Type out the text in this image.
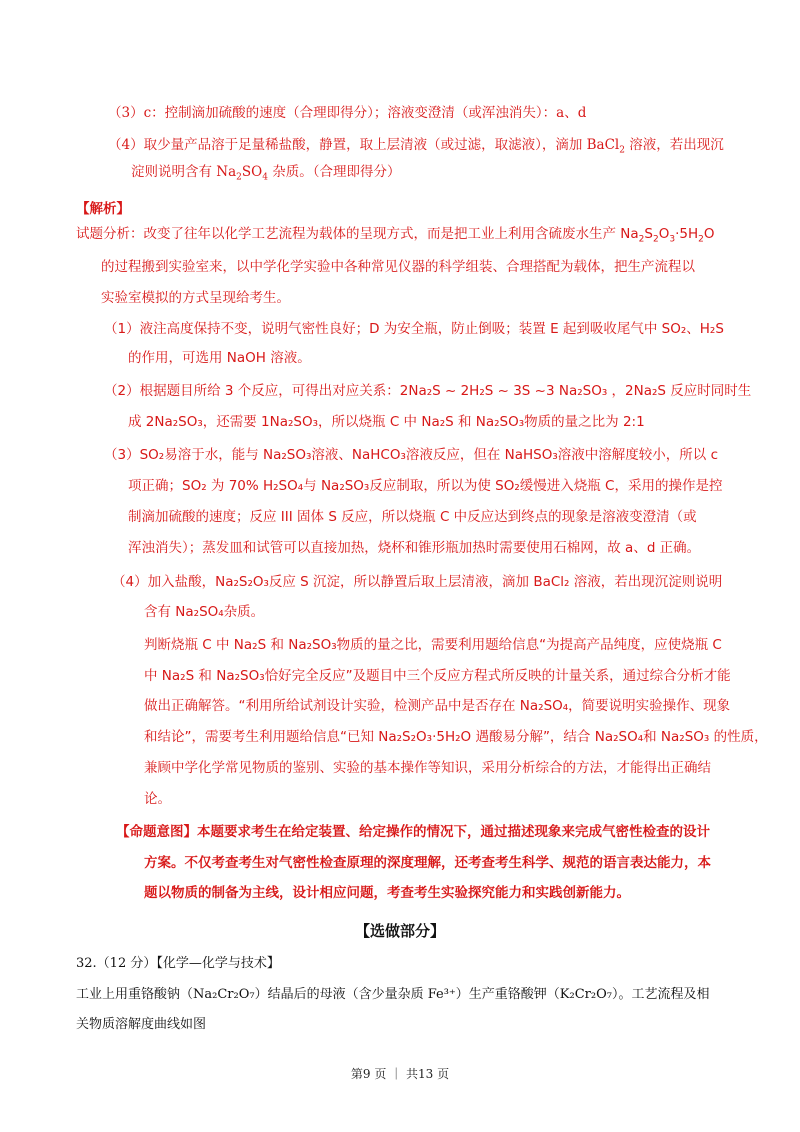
​
（3）c：控制滴加硫酸的速度（合理即得分）；溶液变澄清（或浑浊消失）：a、d
（4）取少量产品溶于足量稀盐酸，静置，取上层清液（或过滤，取滤液），滴加 BaCl$_2$ 溶液，若出现沉
淀则说明含有 $Na_2SO_4$ 杂质。（合理即得分）
【解析】
试题分析：改变了往年以化学工艺流程为载体的呈现方式，而是把工业上利用含硫废水生产 $Na_2S_2O_3\cdot 5H_2O$
的过程搬到实验室来，以中学化学实验中各种常见仪器的科学组装、合理搭配为载体，把生产流程以
实验室模拟的方式呈现给考生。
（1）液注高度保持不变，说明气密性良好；D 为安全瓶，防止倒吸；装置 E 起到吸收尾气中 SO₂、H₂S
的作用，可选用 NaOH 溶液。
（2）根据题目所给 3 个反应，可得出对应关系：2Na₂S ~ 2H₂S ~ 3S ~3 Na₂SO₃ ，2Na₂S 反应时同时生
成 2Na₂SO₃，还需要 1Na₂SO₃，所以烧瓶 C 中 Na₂S 和 Na₂SO₃物质的量之比为 2:1
（3）SO₂易溶于水，能与 Na₂SO₃溶液、NaHCO₃溶液反应，但在 NaHSO₃溶液中溶解度较小，所以 c
项正确；SO₂ 为 70% H₂SO₄与 Na₂SO₃反应制取，所以为使 SO₂缓慢进入烧瓶 C，采用的操作是控
制滴加硫酸的速度；反应 III 固体 S 反应，所以烧瓶 C 中反应达到终点的现象是溶液变澄清（或
浑浊消失）；蒸发皿和试管可以直接加热，烧杯和锥形瓶加热时需要使用石棉网，故 a、d 正确。
（4）加入盐酸，Na₂S₂O₃反应 S 沉淀，所以静置后取上层清液，滴加 BaCl₂ 溶液，若出现沉淀则说明
含有 Na₂SO₄杂质。
判断烧瓶 C 中 Na₂S 和 Na₂SO₃物质的量之比，需要利用题给信息“为提高产品纯度，应使烧瓶 C
中 Na₂S 和 Na₂SO₃恰好完全反应”及题目中三个反应方程式所反映的计量关系，通过综合分析才能
做出正确解答。“利用所给试剂设计实验，检测产品中是否存在 Na₂SO₄，简要说明实验操作、现象
和结论”，需要考生利用题给信息“已知 Na₂S₂O₃·5H₂O 遇酸易分解”，结合 Na₂SO₄和 Na₂SO₃ 的性质，
兼顾中学化学常见物质的鉴别、实验的基本操作等知识，采用分析综合的方法，才能得出正确结
论。
【命题意图】本题要求考生在给定装置、给定操作的情况下，通过描述现象来完成气密性检查的设计
方案。不仅考查考生对气密性检查原理的深度理解，还考查考生科学、规范的语言表达能力，本
题以物质的制备为主线，设计相应问题，考查考生实验探究能力和实践创新能力。
【选做部分】
32.（12 分）【化学—化学与技术】
工业上用重铬酸钠（Na₂Cr₂O₇）结晶后的母液（含少量杂质 Fe³⁺）生产重铬酸钾（K₂Cr₂O₇）。工艺流程及相
关物质溶解度曲线如图
第9 页 ｜ 共13 页
